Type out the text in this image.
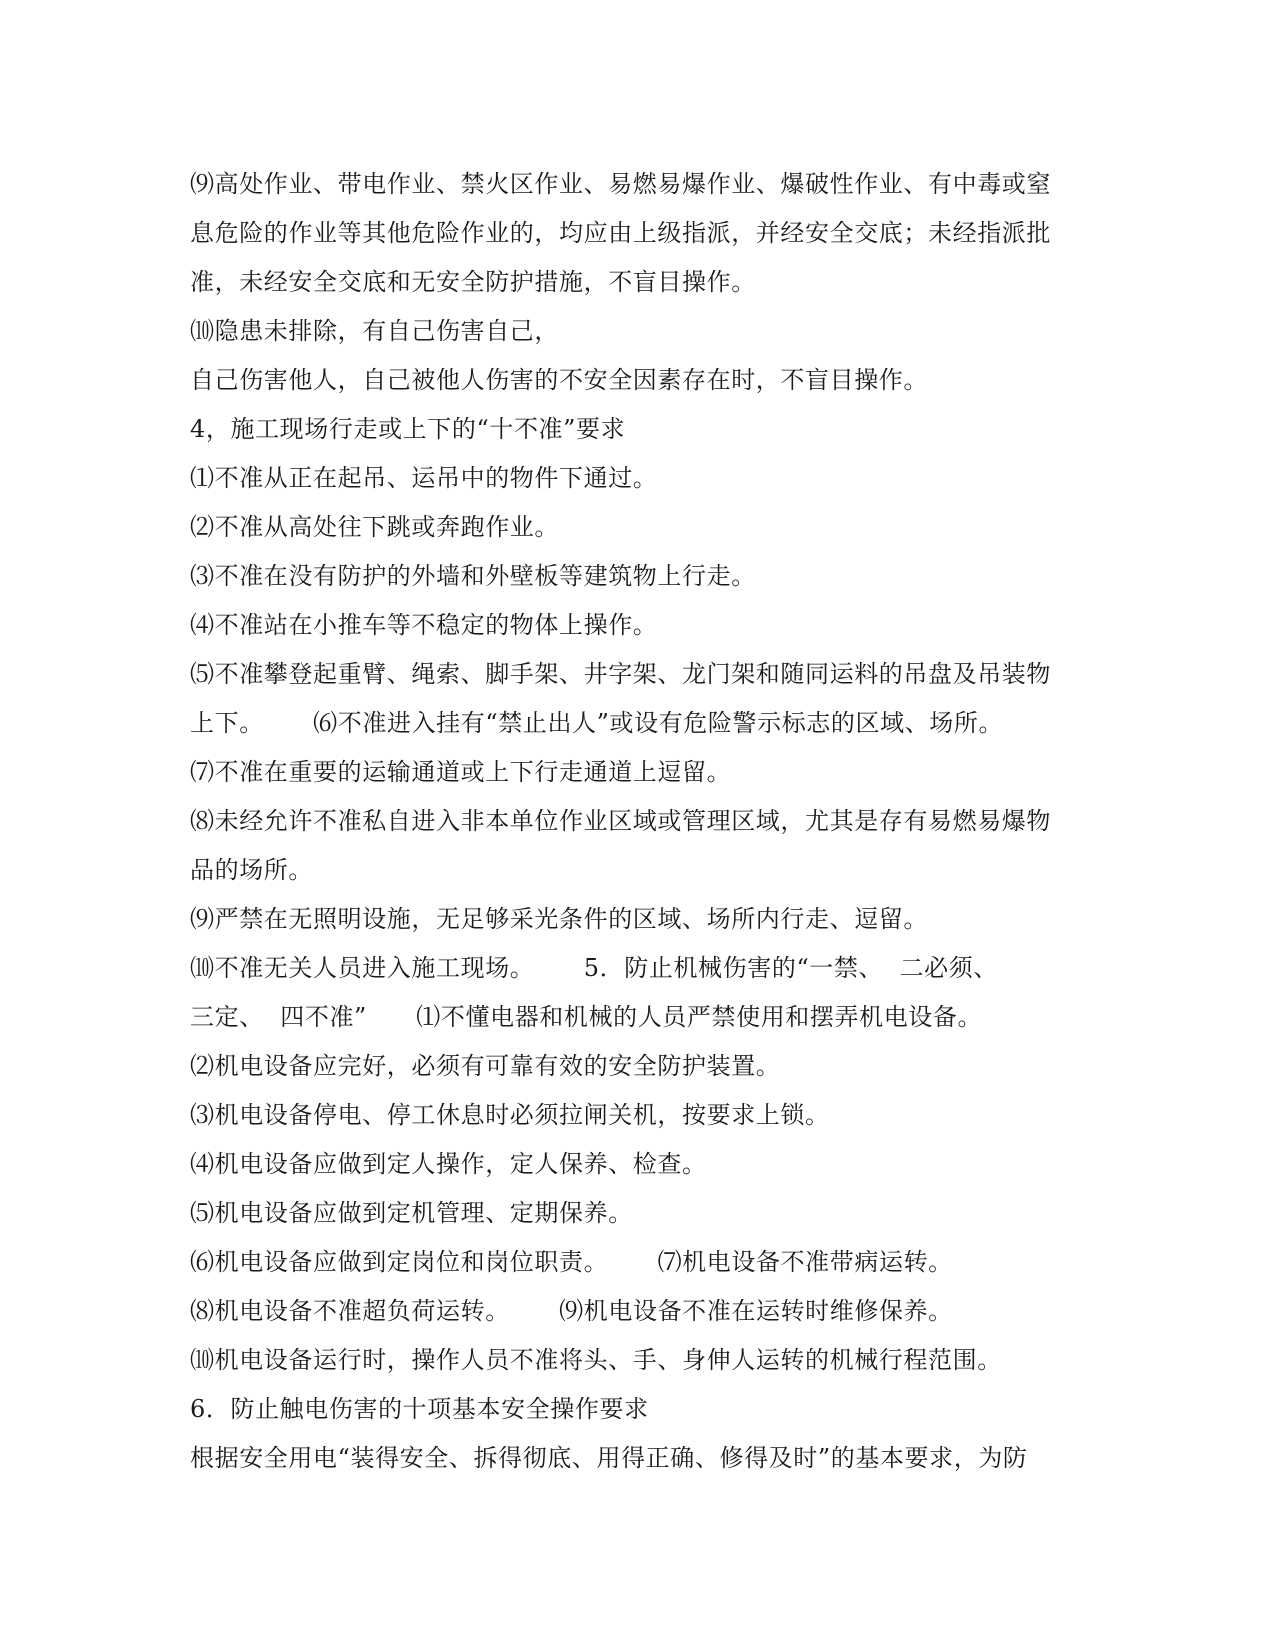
⑼高处作业、带电作业、禁火区作业、易燃易爆作业、爆破性作业、有中毒或窒
息危险的作业等其他危险作业的，均应由上级指派，并经安全交底；未经指派批
准，未经安全交底和无安全防护措施，不盲目操作。
⑽隐患未排除，有自己伤害自己，
自己伤害他人，自己被他人伤害的不安全因素存在时，不盲目操作。
4，施工现场行走或上下的“十不准”要求
⑴不准从正在起吊、运吊中的物件下通过。
⑵不准从高处往下跳或奔跑作业。
⑶不准在没有防护的外墙和外壁板等建筑物上行走。
⑷不准站在小推车等不稳定的物体上操作。
⑸不准攀登起重臂、绳索、脚手架、井字架、龙门架和随同运料的吊盘及吊装物
上下。      ⑹不准进入挂有“禁止出人”或设有危险警示标志的区域、场所。
⑺不准在重要的运输通道或上下行走通道上逗留。
⑻未经允许不准私自进入非本单位作业区域或管理区域，尤其是存有易燃易爆物
品的场所。
⑼严禁在无照明设施，无足够采光条件的区域、场所内行走、逗留。
⑽不准无关人员进入施工现场。      5．防止机械伤害的“一禁、  二必须、
三定、  四不准”      ⑴不懂电器和机械的人员严禁使用和摆弄机电设备。
⑵机电设备应完好，必须有可靠有效的安全防护装置。
⑶机电设备停电、停工休息时必须拉闸关机，按要求上锁。
⑷机电设备应做到定人操作，定人保养、检查。
⑸机电设备应做到定机管理、定期保养。
⑹机电设备应做到定岗位和岗位职责。      ⑺机电设备不准带病运转。
⑻机电设备不准超负荷运转。      ⑼机电设备不准在运转时维修保养。
⑽机电设备运行时，操作人员不准将头、手、身伸人运转的机械行程范围。
6．防止触电伤害的十项基本安全操作要求
根据安全用电“装得安全、拆得彻底、用得正确、修得及时”的基本要求，为防
